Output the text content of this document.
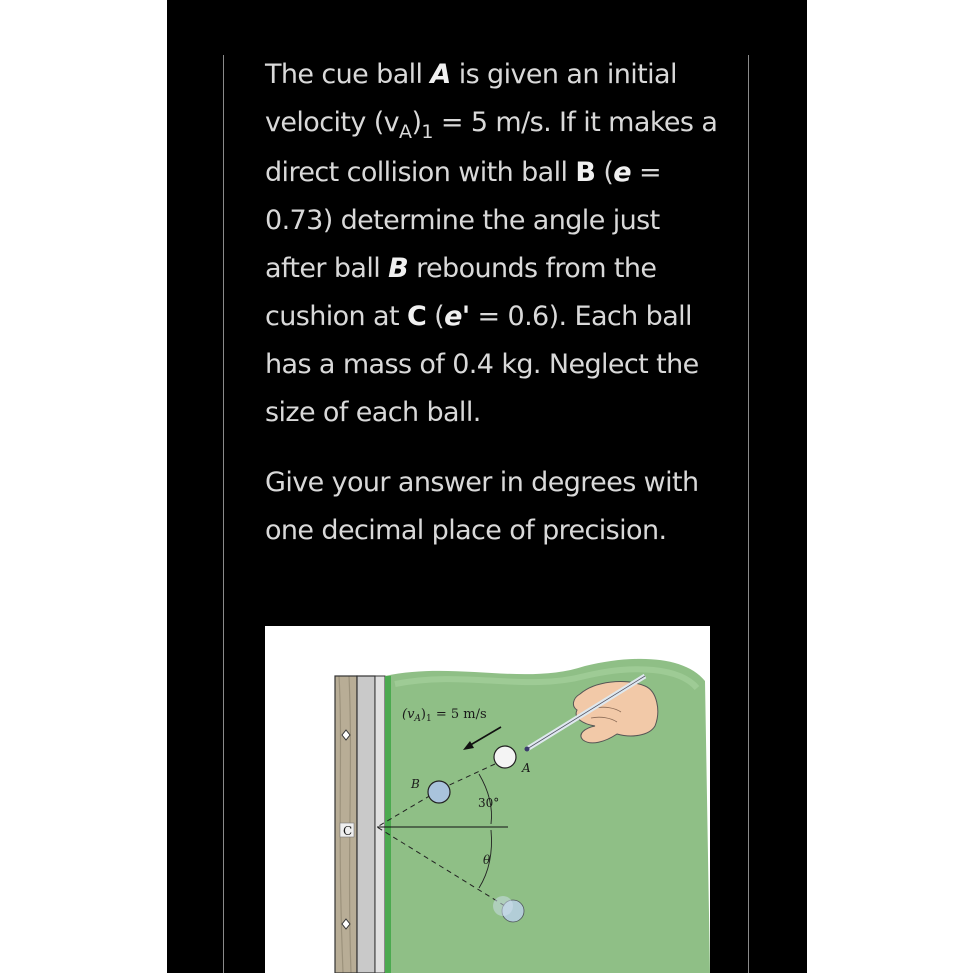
The cue ball A is given an initial velocity $(v_A)_1 = 5$ m/s. If it makes a direct collision with ball B (e = 0.73) determine the angle just after ball B rebounds from the cushion at C (e' = 0.6). Each ball has a mass of 0.4 kg. Neglect the size of each ball.

Give your answer in degrees with one decimal place of precision.

C
$(v_A)_1 = 5$ m/s
A
B
30°
θ
